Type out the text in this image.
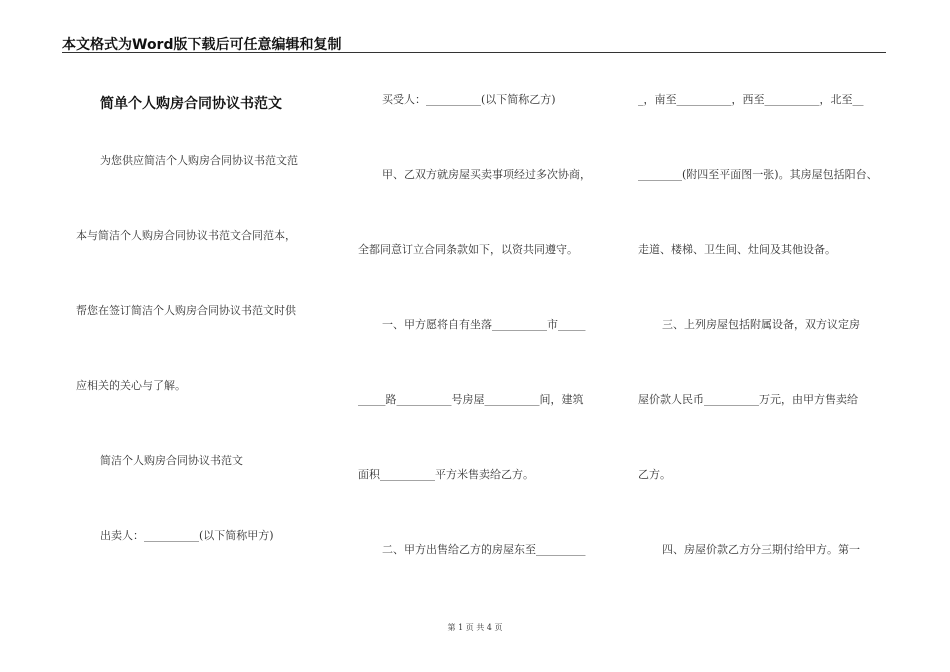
本文格式为Word版下载后可任意编辑和复制
简单个人购房合同协议书范文
为您供应简洁个人购房合同协议书范文范
本与简洁个人购房合同协议书范文合同范本，
帮您在签订简洁个人购房合同协议书范文时供
应相关的关心与了解。
简洁个人购房合同协议书范文
出卖人：__________(以下简称甲方)
买受人：__________(以下简称乙方)
甲、乙双方就房屋买卖事项经过多次协商，
全都同意订立合同条款如下，以资共同遵守。
一、甲方愿将自有坐落__________市_____
_____路__________号房屋__________间，建筑
面积__________平方米售卖给乙方。
二、甲方出售给乙方的房屋东至_________
_，南至__________，西至__________，北至__
________(附四至平面图一张)。其房屋包括阳台、
走道、楼梯、卫生间、灶间及其他设备。
三、上列房屋包括附属设备，双方议定房
屋价款人民币__________万元，由甲方售卖给
乙方。
四、房屋价款乙方分三期付给甲方。第一
第 1 页 共 4 页
